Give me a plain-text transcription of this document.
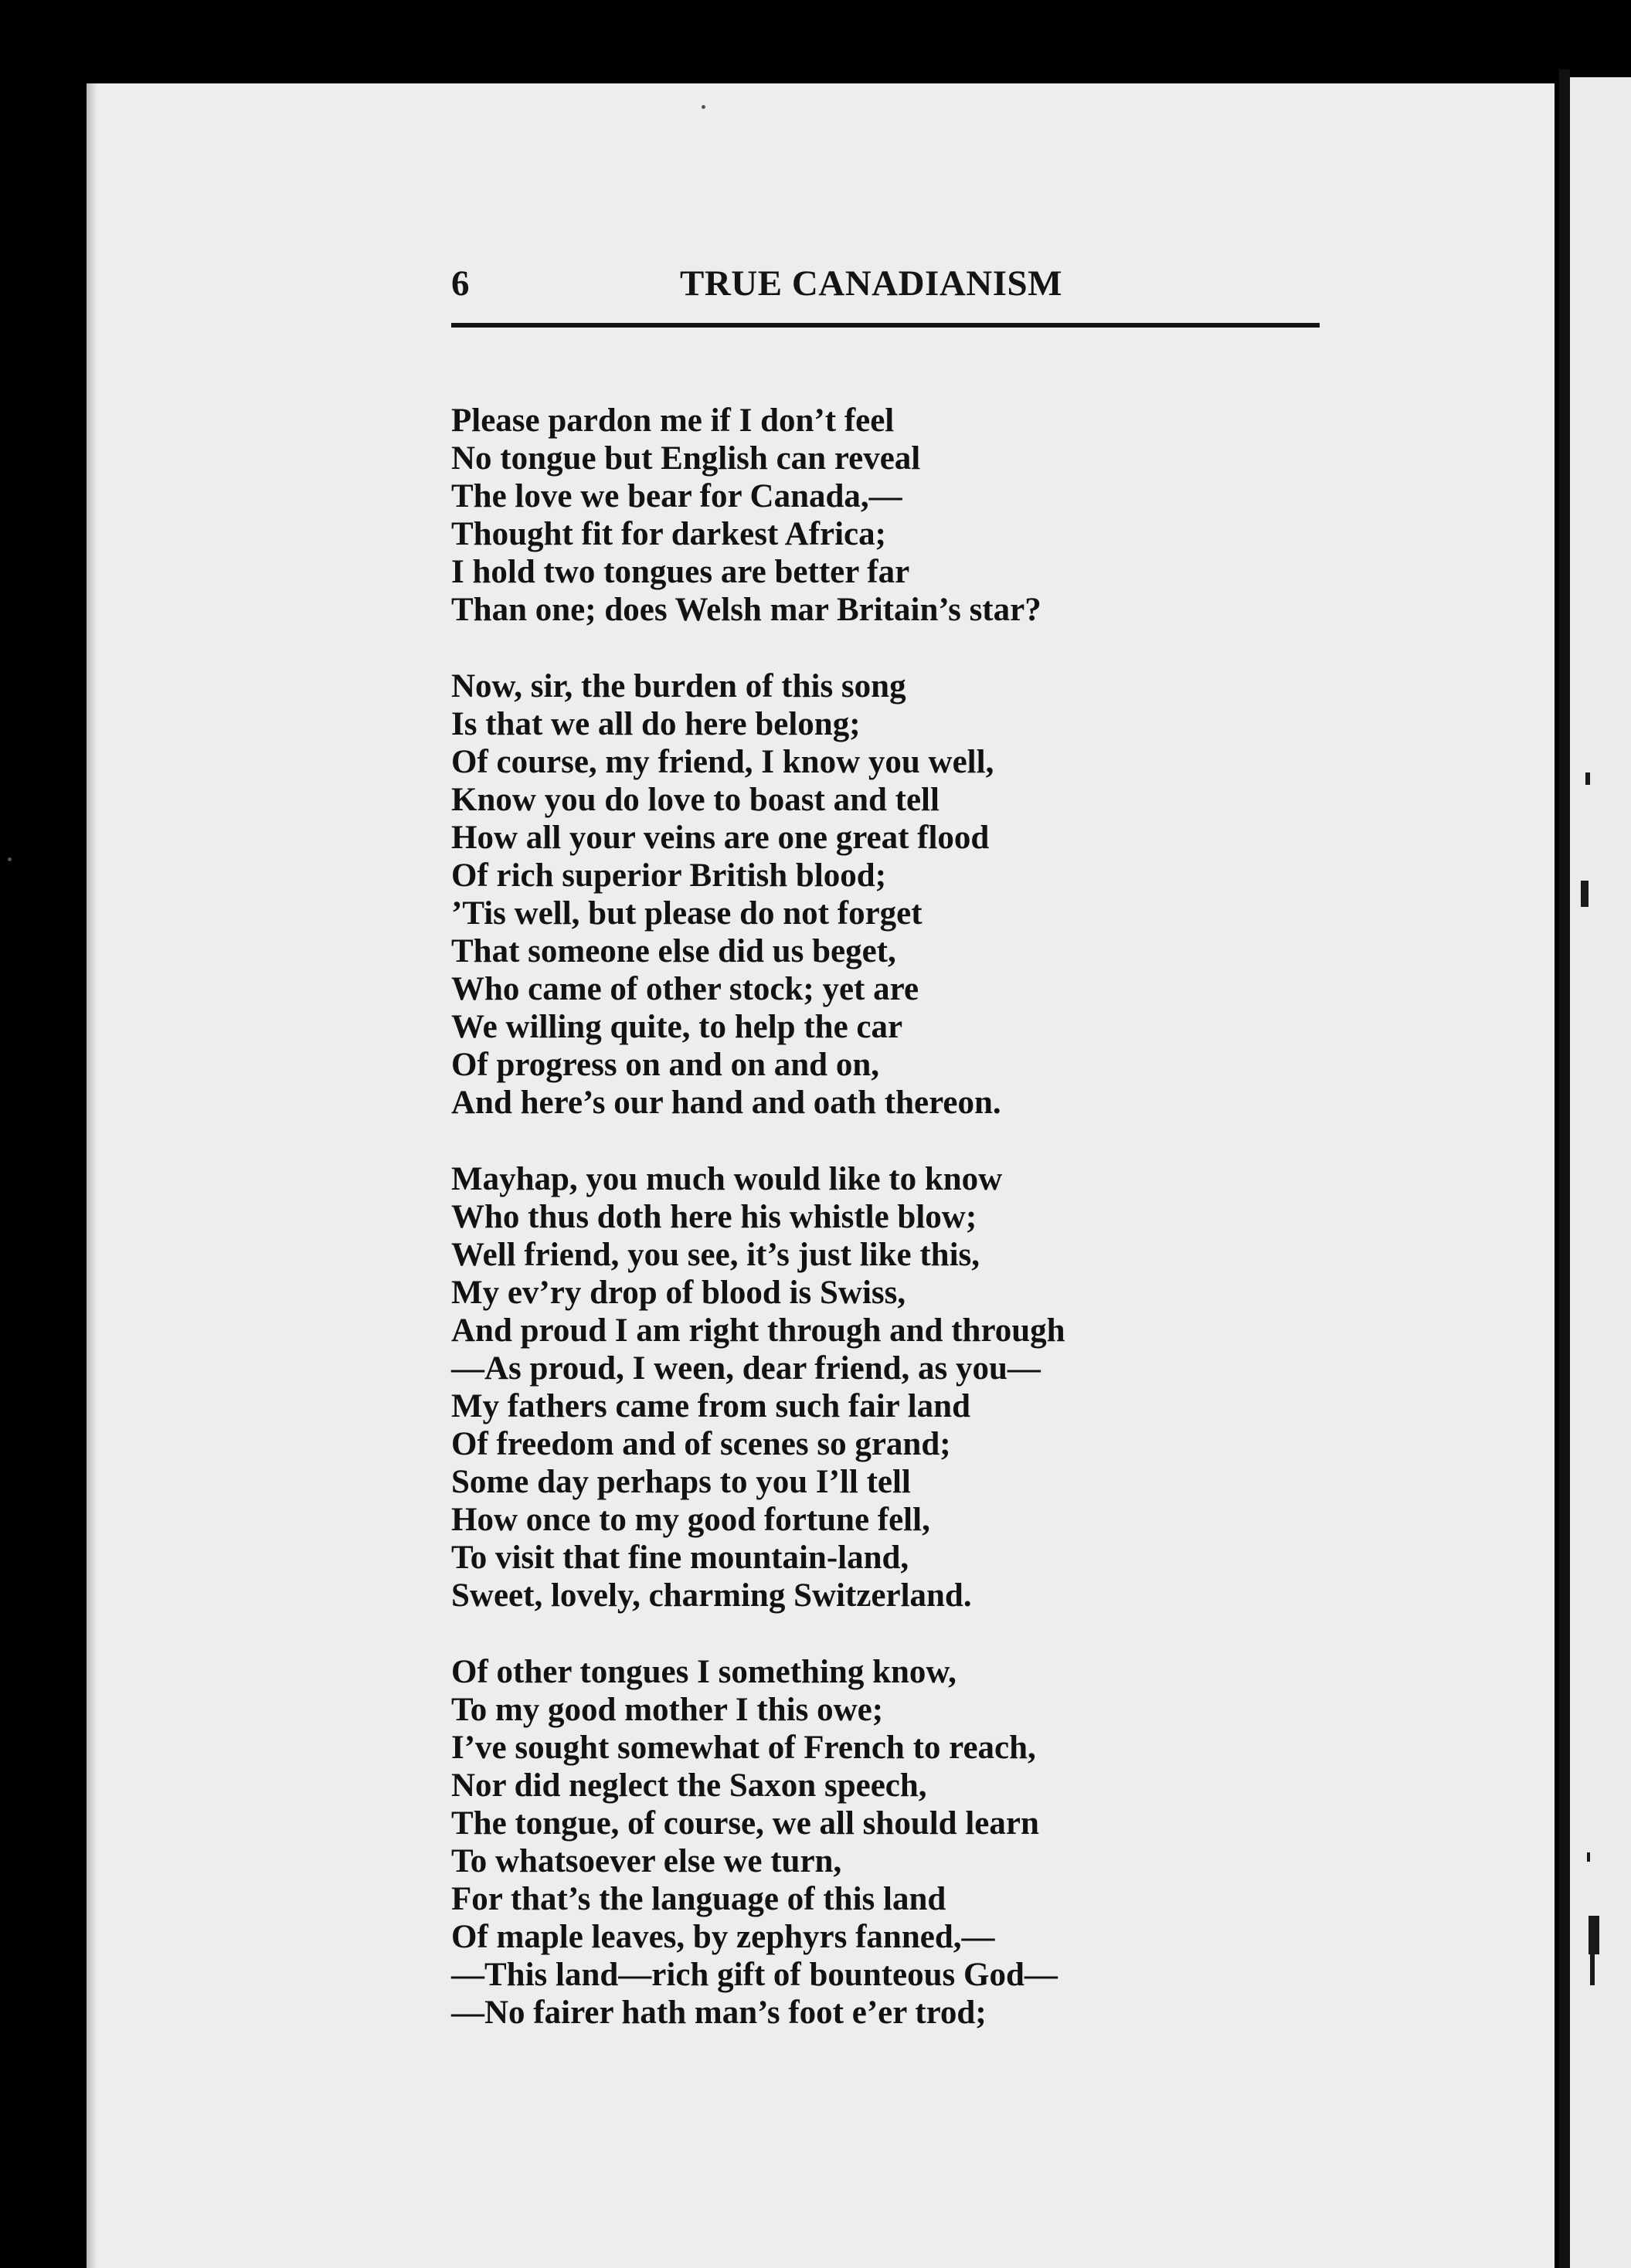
6	TRUE CANADIANISM
Please pardon me if I don’t feel
No tongue but English can reveal
The love we bear for Canada,—
Thought fit for darkest Africa;
I hold two tongues are better far
Than one; does Welsh mar Britain’s star?
Now, sir, the burden of this song
Is that we all do here belong;
Of course, my friend, I know you well,
Know you do love to boast and tell
How all your veins are one great flood
Of rich superior British blood;
’Tis well, but please do not forget
That someone else did us beget,
Who came of other stock; yet are
We willing quite, to help the car
Of progress on and on and on,
And here’s our hand and oath thereon.
Mayhap, you much would like to know
Who thus doth here his whistle blow;
Well friend, you see, it’s just like this,
My ev’ry drop of blood is Swiss,
And proud I am right through and through
—As proud, I ween, dear friend, as you—
My fathers came from such fair land
Of freedom and of scenes so grand;
Some day perhaps to you I’ll tell
How once to my good fortune fell,
To visit that fine mountain-land,
Sweet, lovely, charming Switzerland.
Of other tongues I something know,
To my good mother I this owe;
I’ve sought somewhat of French to reach,
Nor did neglect the Saxon speech,
The tongue, of course, we all should learn
To whatsoever else we turn,
For that’s the language of this land
Of maple leaves, by zephyrs fanned,—
—This land—rich gift of bounteous God—
—No fairer hath man’s foot e’er trod;
